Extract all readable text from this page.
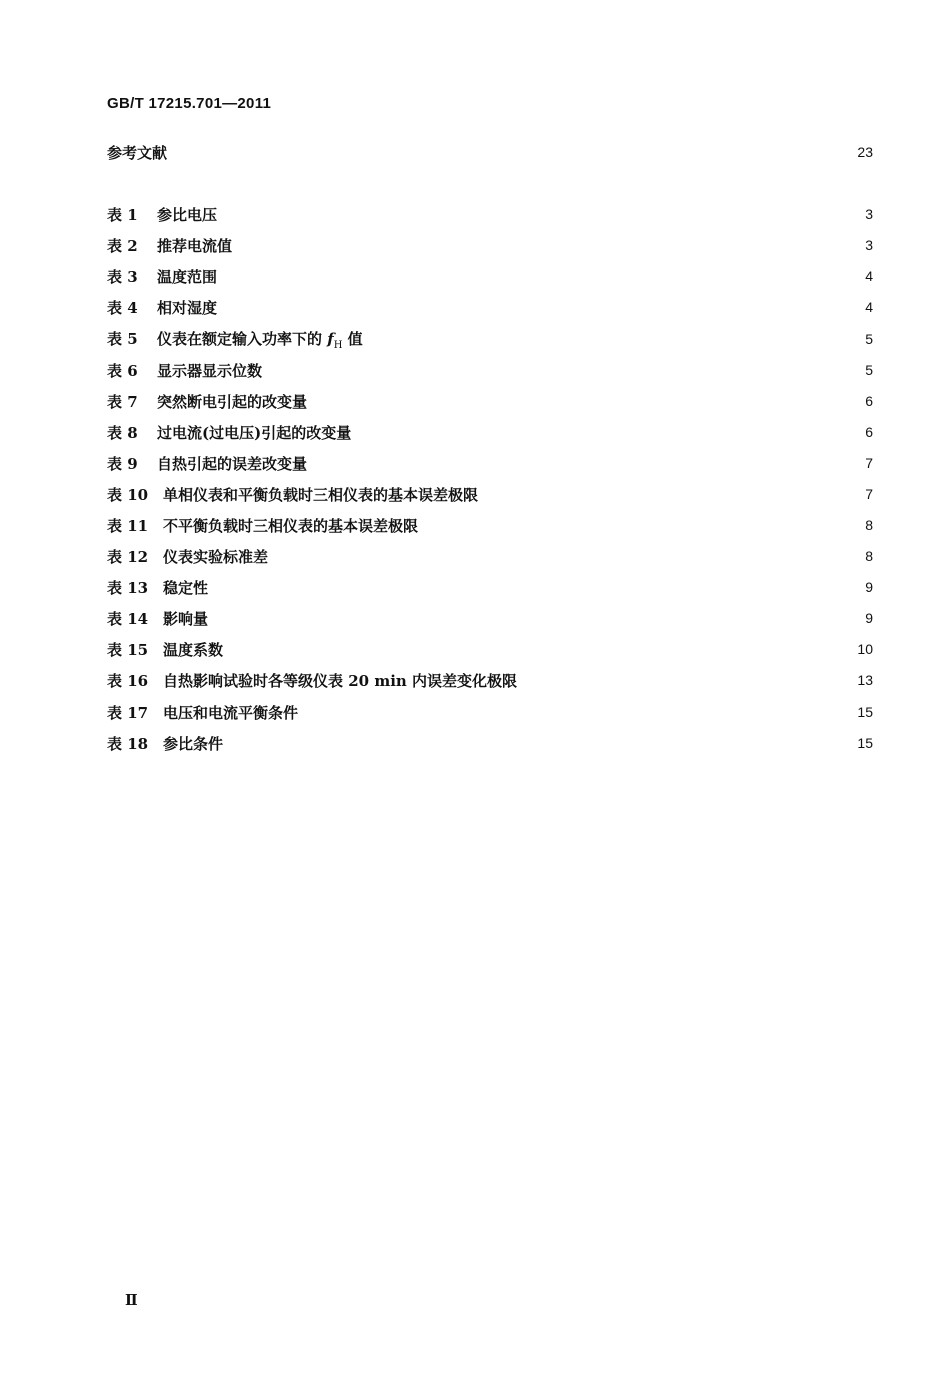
GB/T 17215.701—2011
参考文献	23
表 1 参比电压	3
表 2 推荐电流值	3
表 3 温度范围	4
表 4 相对湿度	4
表 5 仪表在额定输入功率下的 $f_H$ 值	5
表 6 显示器显示位数	5
表 7 突然断电引起的改变量	6
表 8 过电流(过电压)引起的改变量	6
表 9 自热引起的误差改变量	7
表 10 单相仪表和平衡负载时三相仪表的基本误差极限	7
表 11 不平衡负载时三相仪表的基本误差极限	8
表 12 仪表实验标准差	8
表 13 稳定性	9
表 14 影响量	9
表 15 温度系数	10
表 16 自热影响试验时各等级仪表 20 min 内误差变化极限	13
表 17 电压和电流平衡条件	15
表 18 参比条件	15
Ⅱ
